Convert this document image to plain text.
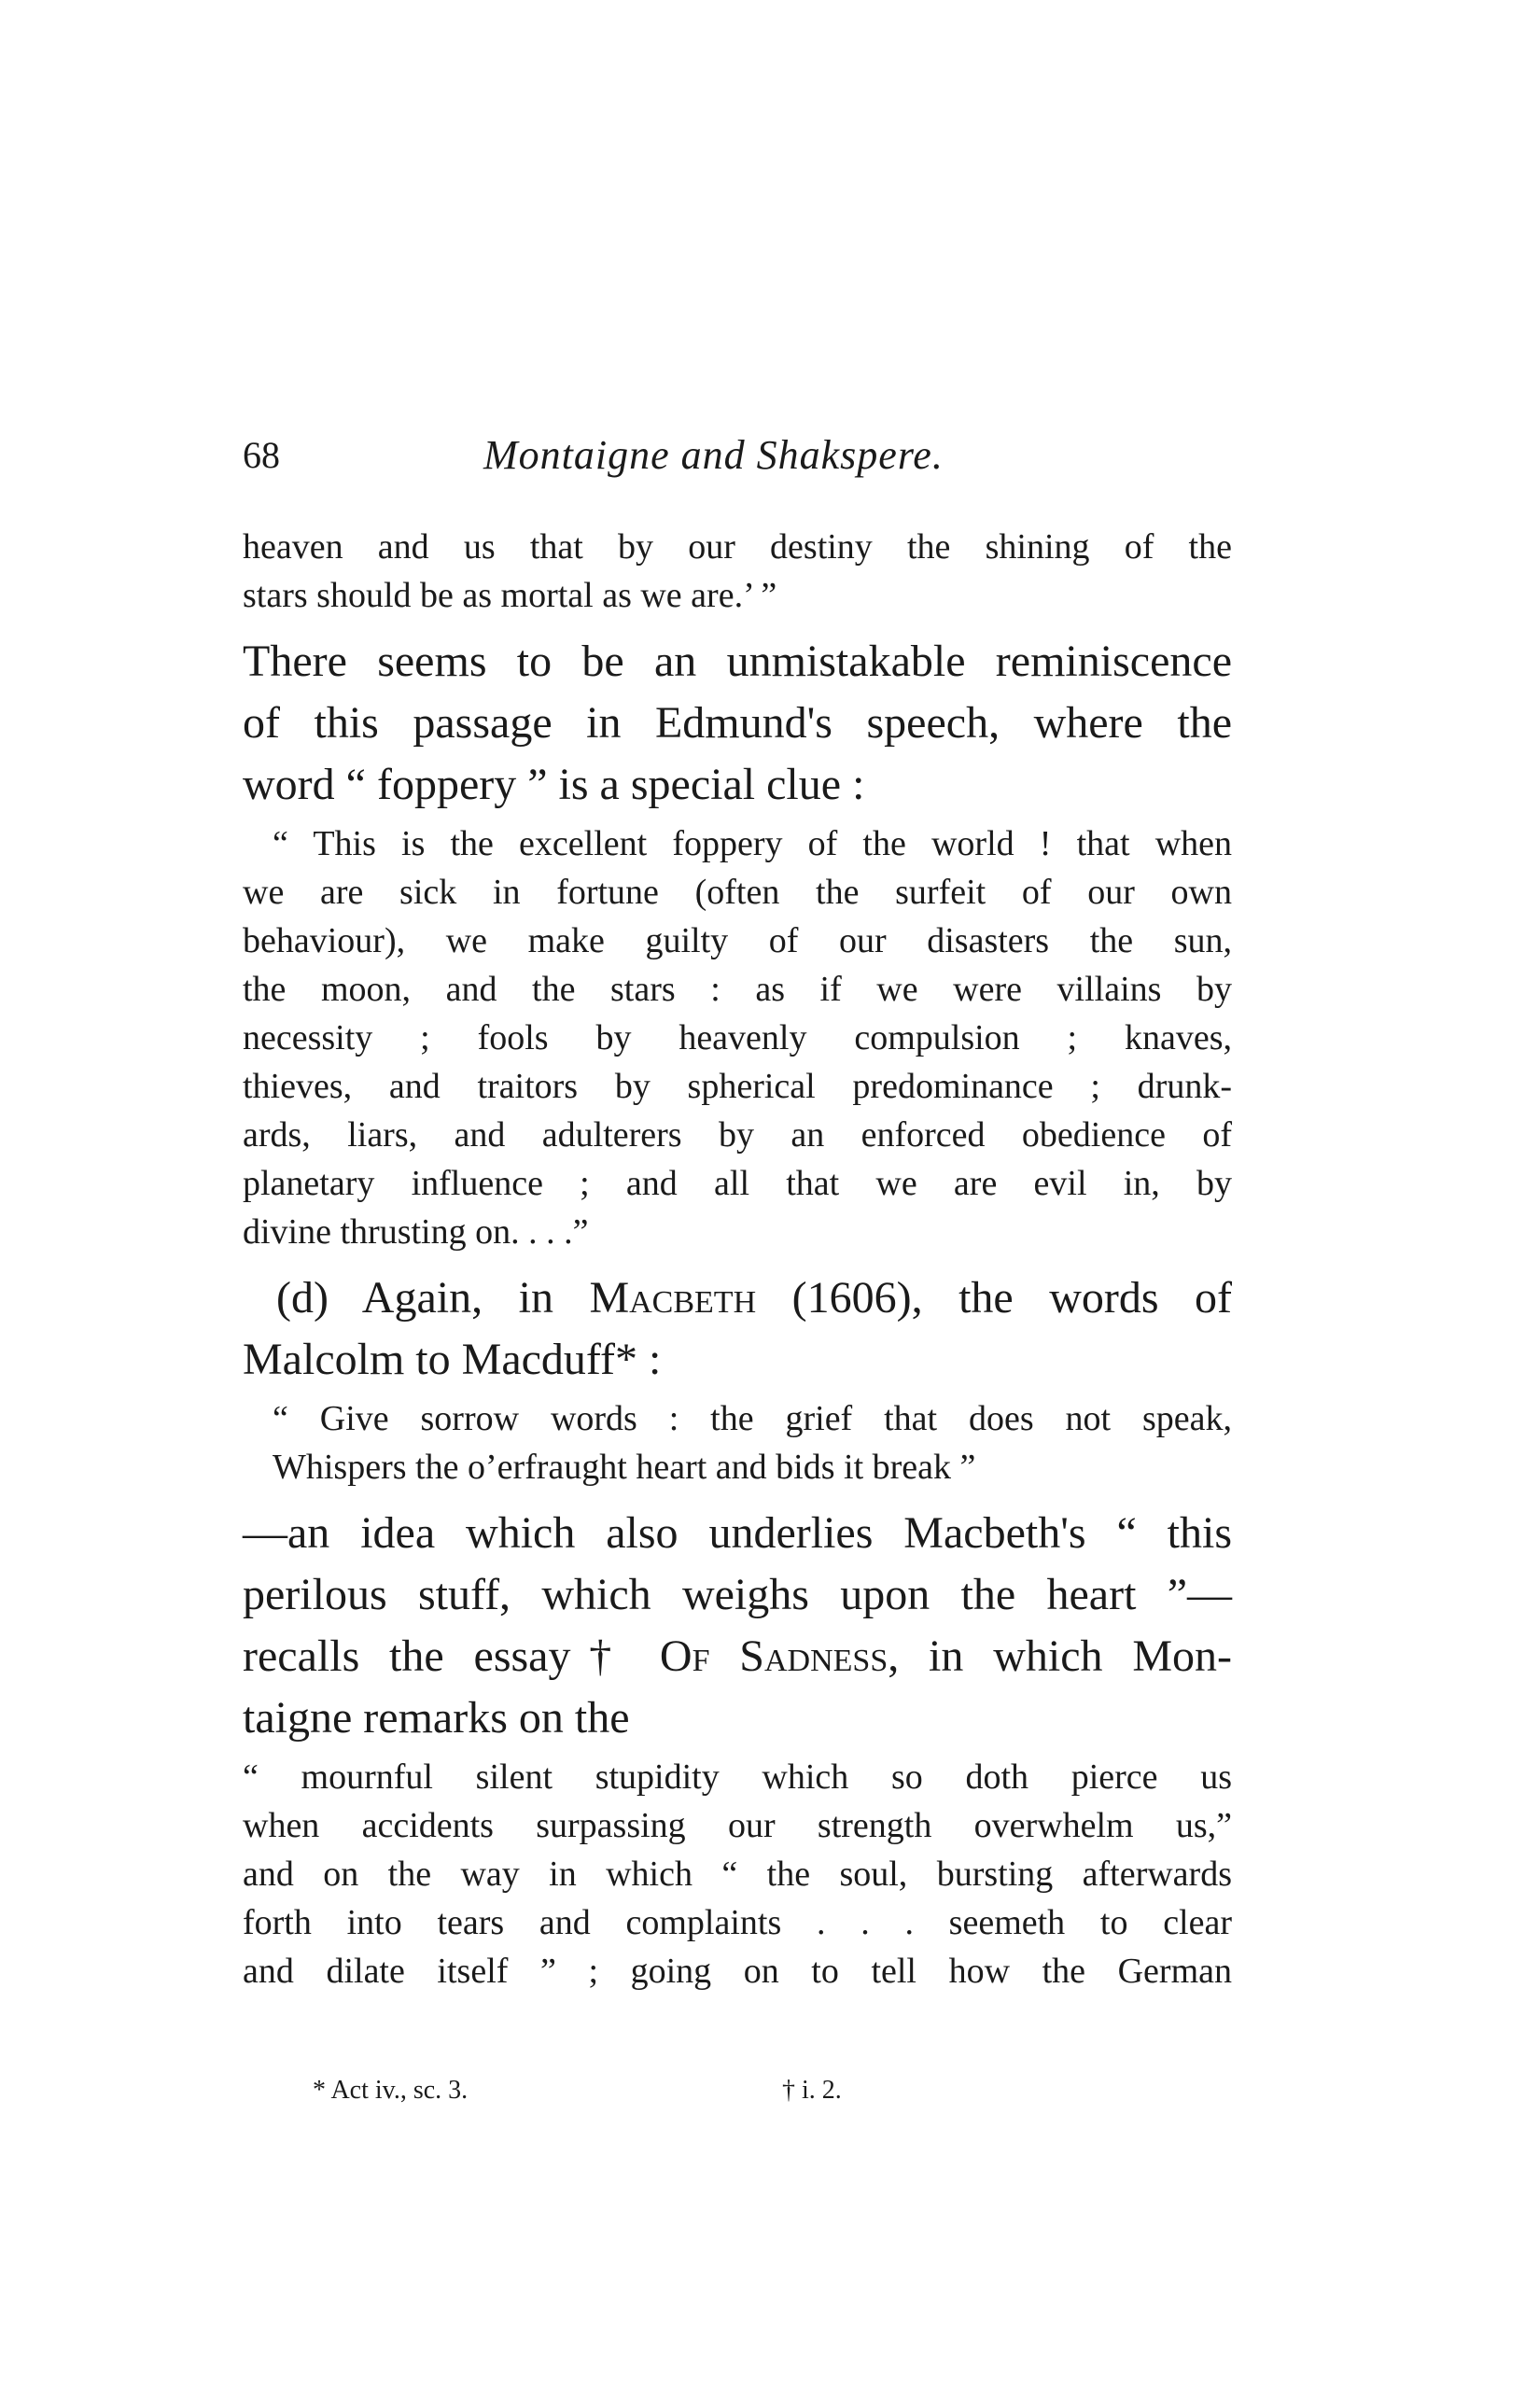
68	Montaigne and Shakspere.
heaven and us that by our destiny the shining of the
stars should be as mortal as we are.’ ”
There seems to be an unmistakable reminiscence
of this passage in Edmund's speech, where the
word “ foppery ” is a special clue :
“ This is the excellent foppery of the world ! that when
we are sick in fortune (often the surfeit of our own
behaviour), we make guilty of our disasters the sun,
the moon, and the stars : as if we were villains by
necessity ; fools by heavenly compulsion ; knaves,
thieves, and traitors by spherical predominance ; drunk-
ards, liars, and adulterers by an enforced obedience of
planetary influence ; and all that we are evil in, by
divine thrusting on. . . .”
(d) Again, in Macbeth (1606), the words of
Malcolm to Macduff* :
“ Give sorrow words : the grief that does not speak,
Whispers the o’erfraught heart and bids it break ”
—an idea which also underlies Macbeth's “ this
perilous stuff, which weighs upon the heart ”—
recalls the essay† Of Sadness, in which Mon-
taigne remarks on the
“ mournful silent stupidity which so doth pierce us
when accidents surpassing our strength overwhelm us,”
and on the way in which “ the soul, bursting afterwards
forth into tears and complaints . . . seemeth to clear
and dilate itself ” ; going on to tell how the German
* Act iv., sc. 3.	† i. 2.
